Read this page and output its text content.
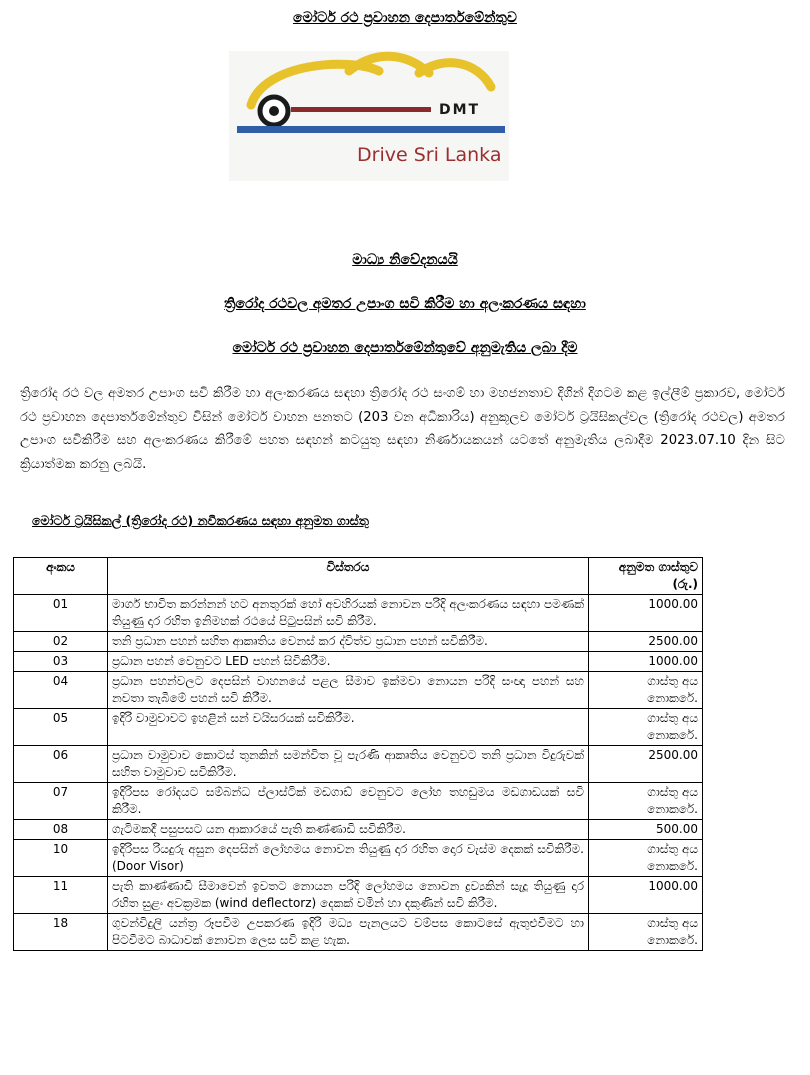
මෝටර් රථ ප්‍රවාහන දෙපාර්තමේන්තුව
DMT
Drive Sri Lanka
මාධ්‍ය නිවේදනයයි
ත්‍රිරෝද රථවල අමතර උපාංග සවි කිරීම හා අලංකරණය සඳහා
මෝටර් රථ ප්‍රවාහන දෙපාර්තමේන්තුවේ අනුමැතිය ලබා දීම
ත්‍රිරෝද රථ වල අමතර උපාංග සවි කිරීම හා අලංකරණය සඳහා ත්‍රිරෝද රථ සංගම් හා මහජනතාව දිගින් දිගටම කළ ඉල්ලීම් ප්‍රකාරව, මෝටර් රථ ප්‍රවාහන දෙපාර්තමේන්තුව විසින් මෝටර් වාහන පනතට (203 වන අධිකාරිය) අනුකූලව මෝටර් ට්‍රයිසිකල්වල (ත්‍රිරෝද රථවල) අමතර උපාංග සවිකිරීම සහ අලංකරණය කිරීමේ පහත සඳහන් කටයුතු සඳහා නිර්ණායකයන් යටතේ අනුමැතිය ලබාදීම 2023.07.10 දින සිට ක්‍රියාත්මක කරනු ලබයි.
මෝටර් ට්‍රයිසිකල් (ත්‍රිරෝද රථ) නවීකරණය සඳහා අනුමත ගාස්තු
අංකය	විස්තරය	අනුමත ගාස්තුව (රු.)
01	මාර්ග භාවිත කරන්නන් හට අනතුරක් හෝ අවහිරයක් නොවන පරිදි අලංකරණය සඳහා පමණක් තියුණු දාර රහිත ඉනිමහක් රථයේ පිටුපසින් සවි කිරීම.	1000.00
02	තනි ප්‍රධාන පහන් සහිත ආකෘතිය වෙනස් කර ද්විත්ව ප්‍රධාන පහන් සවිකිරීම.	2500.00
03	ප්‍රධාන පහන් වෙනුවට LED පහන් සිවිකිරීම.	1000.00
04	ප්‍රධාන පහන්වලට දෙපසින් වාහනයේ පළල සීමාව ඉක්මවා නොයන පරිදි සංඥා පහන් සහ නවතා තැබීමේ පහන් සවි කිරීම.	ගාස්තු අය නොකරේ.
05	ඉදිරි වාමුවාවට ඉහළින් සන් වයිසරයක් සවිකිරීම.	ගාස්තු අය නොකරේ.
06	ප්‍රධාන වාමුවාව කොටස් තුනකින් සමන්විත වූ පැරණි ආකෘතිය වෙනුවට තනි ප්‍රධාන විදුරුවක් සහිත වාමුවාව සවිකිරීම.	2500.00
07	ඉදිරිපස රෝදයට සම්බන්ධ ප්ලාස්ටික් මඩගාඩ් වෙනුවට ලෝහ තහඩුමය මඩගාඩයක් සවි කිරීම.	ගාස්තු අය නොකරේ.
08	ගැටිමකදී පසුපසට යන ආකාරයේ පැති කණ්ණාඩි සවිකිරීම.	500.00
10	ඉදිරිපස රියදුරු අසුන දෙපසින් ලෝහමය නොවන තියුණු දාර රහිත දොර වැස්ම දෙකක් සවිකිරීම. (Door Visor)	ගාස්තු අය නොකරේ.
11	පැති කාණ්ණාඩි සීමාවෙන් ඉවතට නොයන පරිදි ලෝහමය නොවන ද්‍රව්‍යකින් සැදූ තියුණු දාර රහිත සුළං අවක්‍රමක (wind deflectorz) දෙකක් වමින් හා දකුණින් සවි කිරීම.	1000.00
18	ගුවන්විදුලි යන්ත්‍ර රූපවීම උපකරණ ඉදිරි මධ්‍ය පැනලයට වම්පස කොටසේ ඇතුළුවීමට හා පිටවීමට බාධාවක් නොවන ලෙස සවි කළ හැක.	ගාස්තු අය නොකරේ.
